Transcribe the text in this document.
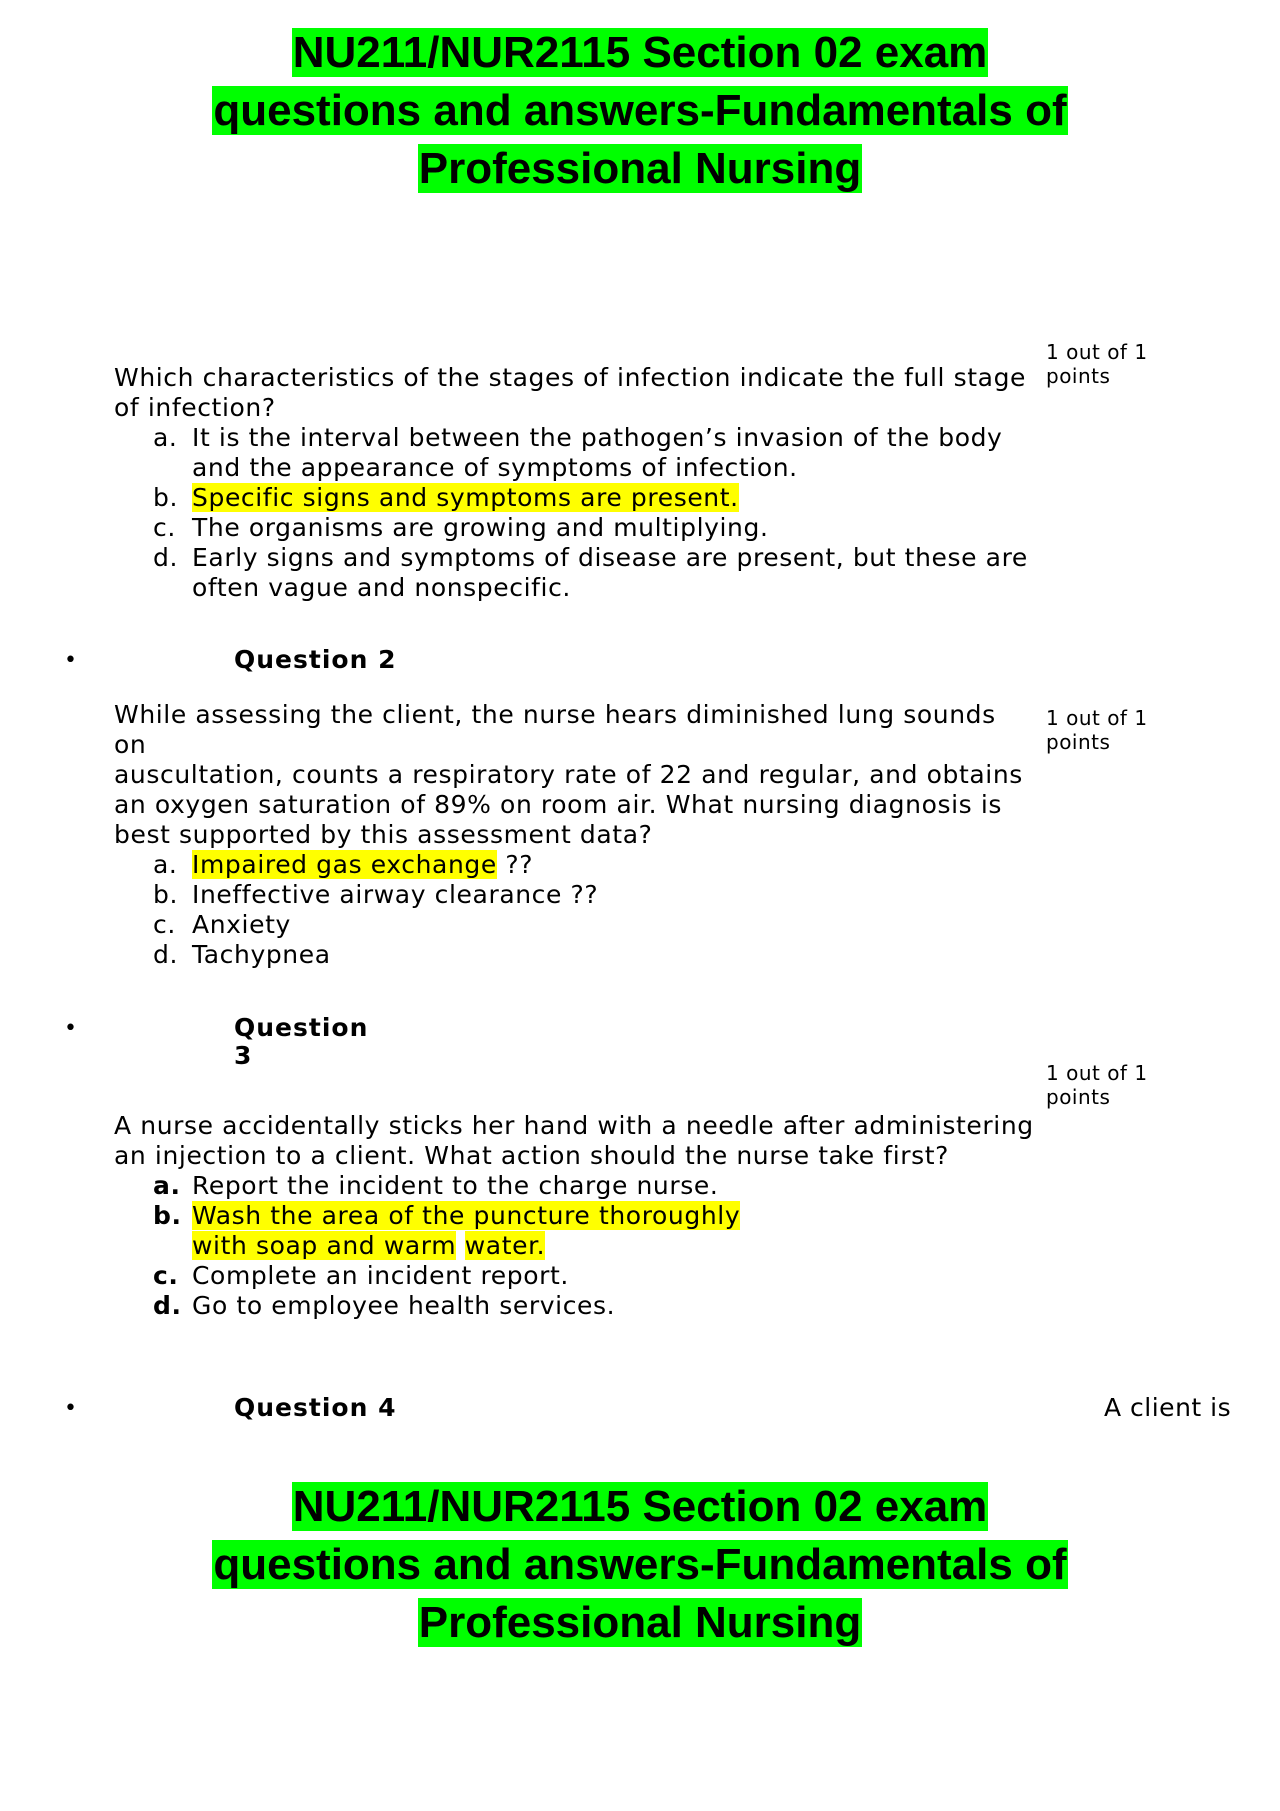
NU211/NUR2115 Section 02 exam
questions and answers-Fundamentals of
Professional Nursing
1 out of 1 points
Which characteristics of the stages of infection indicate the full stage of infection?
a. It is the interval between the pathogen’s invasion of the body and the appearance of symptoms of infection.
b. Specific signs and symptoms are present.
c. The organisms are growing and multiplying.
d. Early signs and symptoms of disease are present, but these are often vague and nonspecific.
•	Question 2
1 out of 1 points
While assessing the client, the nurse hears diminished lung sounds on
auscultation, counts a respiratory rate of 22 and regular, and obtains an oxygen saturation of 89% on room air. What nursing diagnosis is best supported by this assessment data?
a. Impaired gas exchange ??
b. Ineffective airway clearance ??
c. Anxiety
d. Tachypnea
•	Question
3
1 out of 1 points
A nurse accidentally sticks her hand with a needle after administering an injection to a client. What action should the nurse take first?
a. Report the incident to the charge nurse.
b. Wash the area of the puncture thoroughly with soap and warm water.
c. Complete an incident report.
d. Go to employee health services.
•	Question 4	A client is
NU211/NUR2115 Section 02 exam
questions and answers-Fundamentals of
Professional Nursing
